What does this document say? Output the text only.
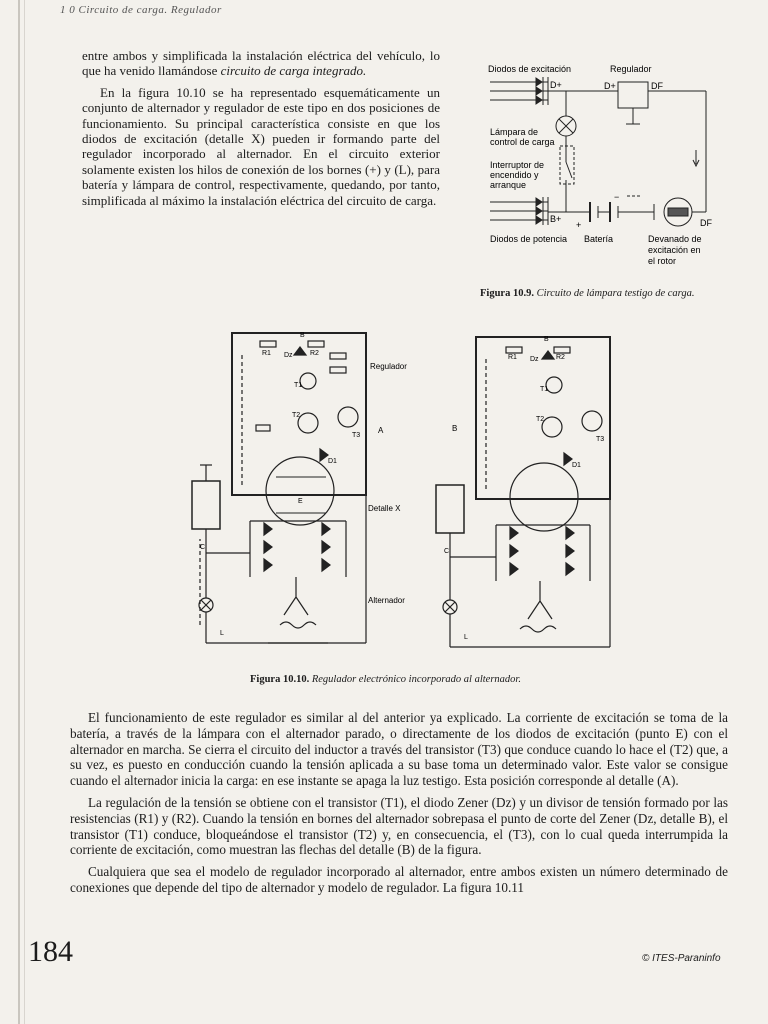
1 0 Circuito de carga. Regulador

entre ambos y simplificada la instalación eléctrica del vehículo, lo que ha venido llamándose circuito de carga integrado.

En la figura 10.10 se ha representado esquemáticamente un conjunto de alternador y regulador de este tipo en dos posiciones de funcionamiento. Su principal característica consiste en que los diodos de excitación (detalle X) pueden ir formando parte del regulador incorporado al alternador. En el circuito exterior solamente existen los hilos de conexión de los bornes (+) y (L), para batería y lámpara de control, respectivamente, quedando, por tanto, simplificada al máximo la instalación eléctrica del circuito de carga.

Diodos de excitación	Regulador
D+	D+	DF
Lámpara de
control de carga
Interruptor de
encendido y
arranque
B+
+
−
DF
Diodos de potencia Batería	Devanado de
excitación en
el rotor
Figura 10.9. Circuito de lámpara testigo de carga.
R1	R2
Dz
T1
T2
T3
D1
B
E
C
L
R1	R2
Dz
T1
T2
T3
D1
B
C
L
Regulador
A	B
Detalle X
Alternador
Figura 10.10. Regulador electrónico incorporado al alternador.

El funcionamiento de este regulador es similar al del anterior ya explicado. La corriente de excitación se toma de la batería, a través de la lámpara con el alternador parado, o directamente de los diodos de excitación (punto E) con el alternador en marcha. Se cierra el circuito del inductor a través del transistor (T3) que conduce cuando lo hace el (T2) que, a su vez, es puesto en conducción cuando la tensión aplicada a su base toma un determinado valor. Este valor se consigue cuando el alternador inicia la carga: en ese instante se apaga la luz testigo. Esta posición corresponde al detalle (A).

La regulación de la tensión se obtiene con el transistor (T1), el diodo Zener (Dz) y un divisor de tensión formado por las resistencias (R1) y (R2). Cuando la tensión en bornes del alternador sobrepasa el punto de corte del Zener (Dz, detalle B), el transistor (T1) conduce, bloqueándose el transistor (T2) y, en consecuencia, el (T3), con lo cual queda interrumpida la corriente de excitación, como muestran las flechas del detalle (B) de la figura.

Cualquiera que sea el modelo de regulador incorporado al alternador, entre ambos existen un número determinado de conexiones que depende del tipo de alternador y modelo de regulador. La figura 10.11

184	© ITES-Paraninfo
